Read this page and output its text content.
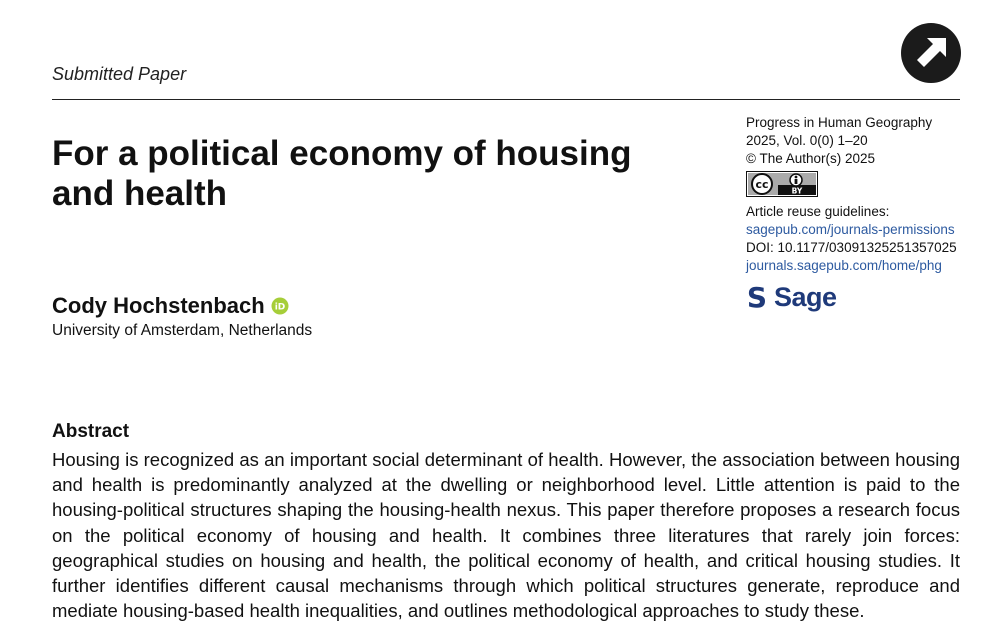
Submitted Paper
For a political economy of housing and health
Progress in Human Geography
2025, Vol. 0(0) 1–20
© The Author(s) 2025
cc	BY
Article reuse guidelines:
sagepub.com/journals-permissions
DOI: 10.1177/03091325251357025
journals.sagepub.com/home/phg
S Sage
Cody Hochstenbach iD
University of Amsterdam, Netherlands
Abstract

Housing is recognized as an important social determinant of health. However, the association between housing and health is predominantly analyzed at the dwelling or neighborhood level. Little attention is paid to the housing-political structures shaping the housing-health nexus. This paper therefore proposes a research focus on the political economy of housing and health. It combines three literatures that rarely join forces: geographical studies on housing and health, the political economy of health, and critical housing studies. It further identifies different causal mechanisms through which political structures generate, reproduce and mediate housing-based health inequalities, and outlines methodological approaches to study these.
